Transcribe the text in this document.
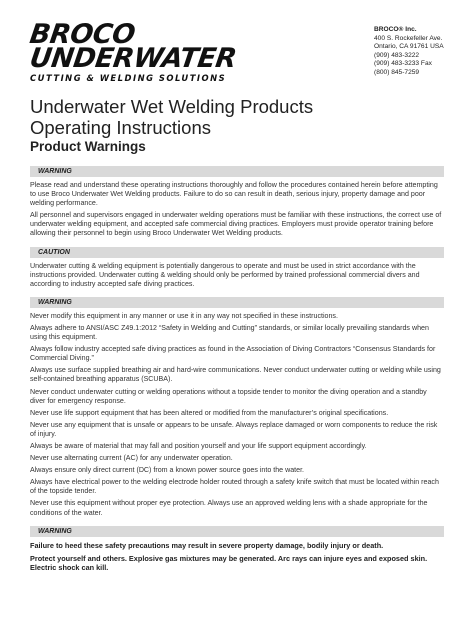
BROCO
UNDERWATER
CUTTING & WELDING SOLUTIONS
BROCO® Inc.
400 S. Rockefeller Ave.
Ontario, CA 91761 USA
(909) 483-3222
(909) 483-3233 Fax
(800) 845-7259
Underwater Wet Welding Products
Operating Instructions
Product Warnings
WARNING

Please read and understand these operating instructions thoroughly and follow the procedures contained herein before attempting to use Broco Underwater Wet Welding products. Failure to do so can result in death, serious injury, property damage and poor welding performance.

All personnel and supervisors engaged in underwater welding operations must be familiar with these instructions, the correct use of underwater welding equipment, and accepted safe commercial diving practices. Employers must provide operator training before allowing their personnel to begin using Broco Underwater Wet Welding products.

CAUTION

Underwater cutting & welding equipment is potentially dangerous to operate and must be used in strict accordance with the instructions provided. Underwater cutting & welding should only be performed by trained professional commercial divers and according to industry accepted safe diving practices.

WARNING

Never modify this equipment in any manner or use it in any way not specified in these instructions.

Always adhere to ANSI/ASC Z49.1:2012 “Safety in Welding and Cutting” standards, or similar locally prevailing standards when using this equipment.

Always follow industry accepted safe diving practices as found in the Association of Diving Contractors “Consensus Standards for Commercial Diving.”

Always use surface supplied breathing air and hard-wire communications. Never conduct underwater cutting or welding while using self-contained breathing apparatus (SCUBA).

Never conduct underwater cutting or welding operations without a topside tender to monitor the diving operation and a standby diver for emergency response.

Never use life support equipment that has been altered or modified from the manufacturer’s original specifications.

Never use any equipment that is unsafe or appears to be unsafe. Always replace damaged or worn components to reduce the risk of injury.

Always be aware of material that may fall and position yourself and your life support equipment accordingly.

Never use alternating current (AC) for any underwater operation.

Always ensure only direct current (DC) from a known power source goes into the water.

Always have electrical power to the welding electrode holder routed through a safety knife switch that must be located within reach of the topside tender.

Never use this equipment without proper eye protection. Always use an approved welding lens with a shade appropriate for the conditions of the water.

WARNING

Failure to heed these safety precautions may result in severe property damage, bodily injury or death.

Protect yourself and others. Explosive gas mixtures may be generated. Arc rays can injure eyes and exposed skin. Electric shock can kill.
